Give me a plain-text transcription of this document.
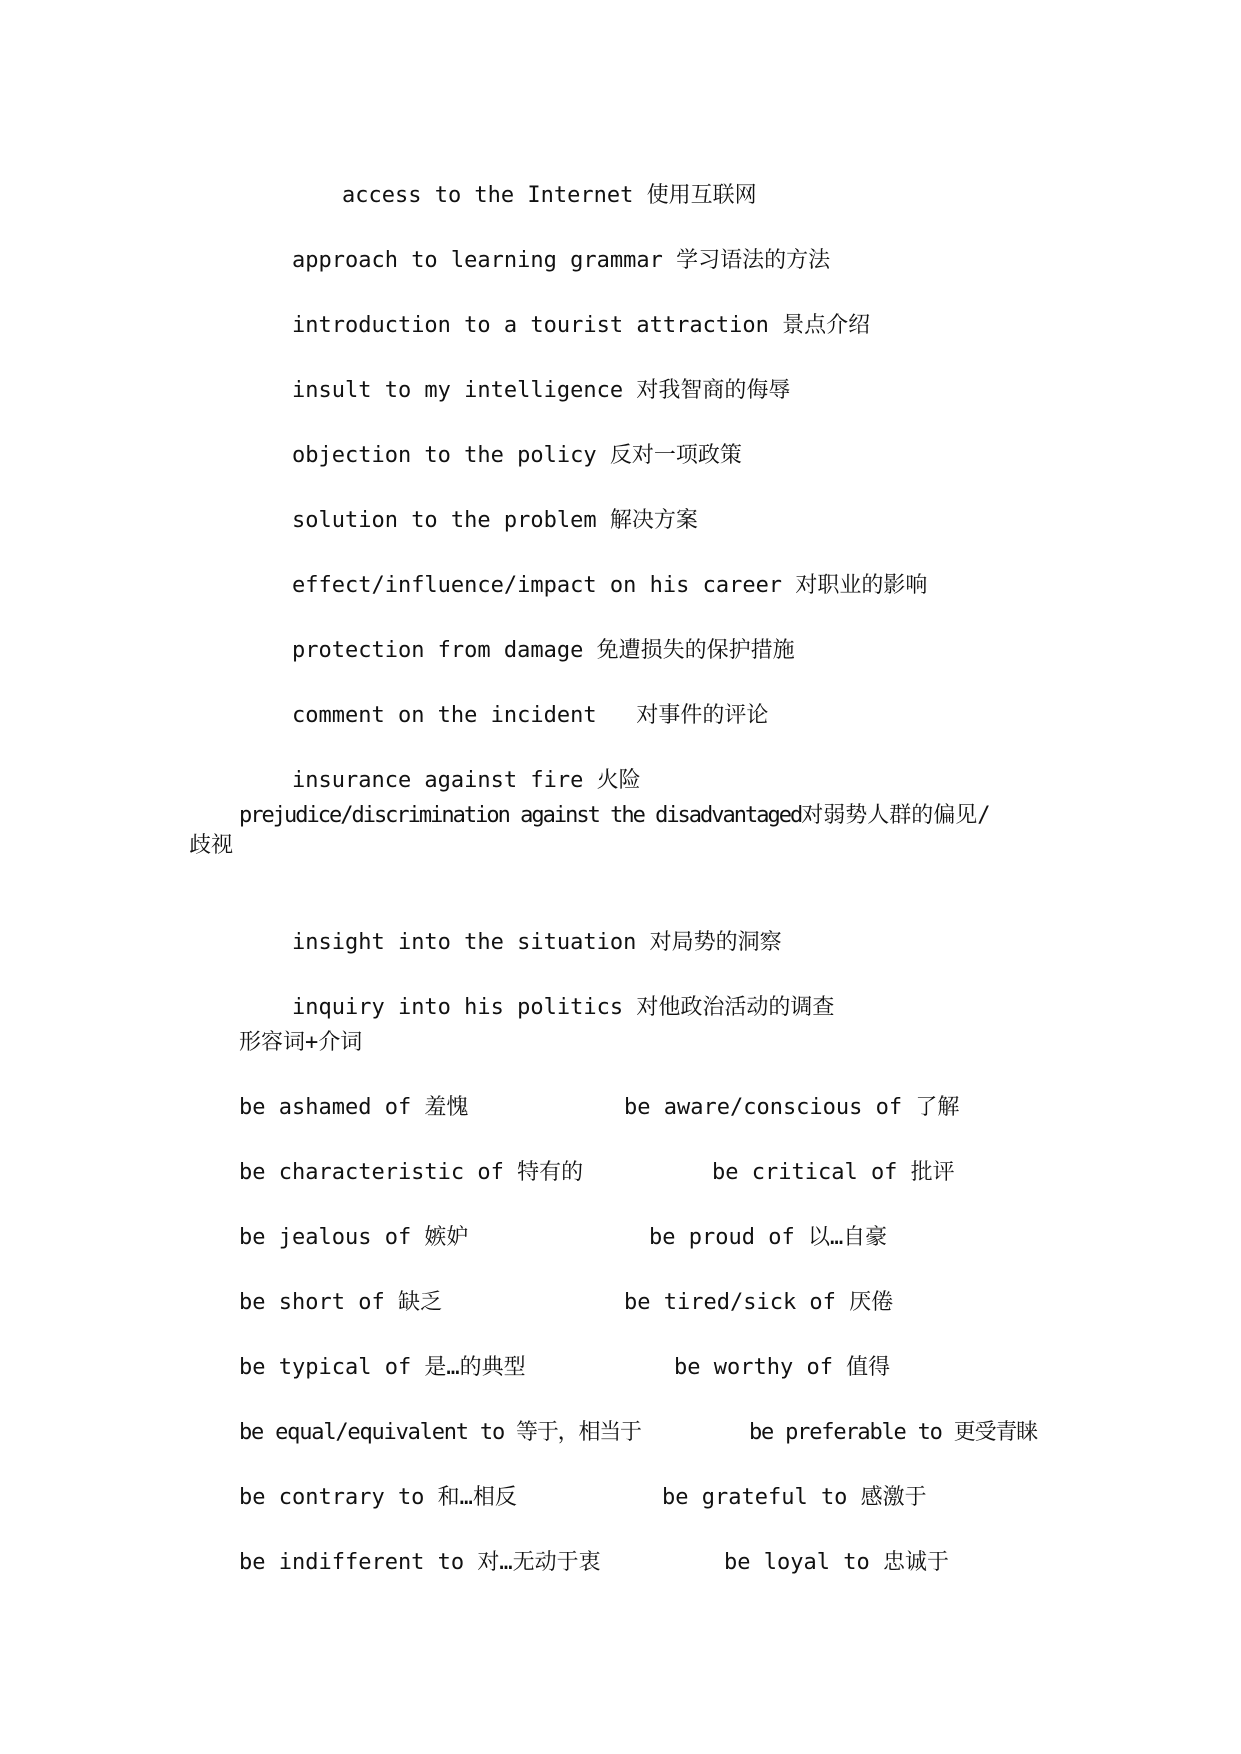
access to the Internet 使用互联网

approach to learning grammar 学习语法的方法

introduction to a tourist attraction 景点介绍

insult to my intelligence 对我智商的侮辱

objection to the policy 反对一项政策

solution to the problem 解决方案

effect/influence/impact on his career 对职业的影响

protection from damage 免遭损失的保护措施

comment on the incident 对事件的评论

insurance against fire 火险

prejudice/discrimination against the disadvantaged对弱势人群的偏见/
歧视

insight into the situation 对局势的洞察

inquiry into his politics 对他政治活动的调查

形容词+介词
be ashamed of 羞愧	be aware/conscious of 了解
be characteristic of 特有的	be critical of 批评
be jealous of 嫉妒	be proud of 以…自豪
be short of 缺乏	be tired/sick of 厌倦
be typical of 是…的典型	be worthy of 值得
be equal/equivalent to 等于，相当于	be preferable to 更受青睐
be contrary to 和…相反	be grateful to 感激于
be indifferent to 对…无动于衷	be loyal to 忠诚于
